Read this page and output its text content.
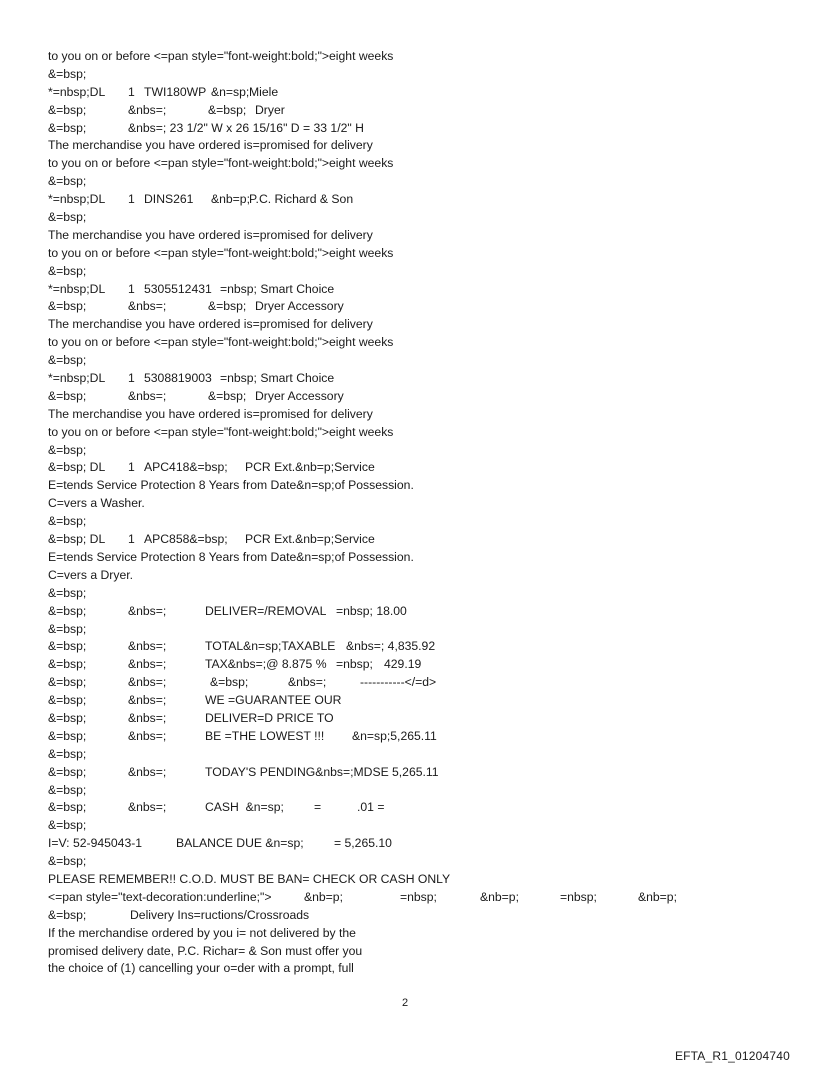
to you on or before <=pan style="font-weight:bold;">eight weeks
&=bsp;
*=nbsp;DL 1 TWI180WP &n=sp; Miele
&=bsp;	&nbs=;	&=bsp; Dryer
&=bsp;	&nbs=; 23 1/2" W x 26 15/16" D = 33 1/2" H
The merchandise you have ordered is=promised for delivery
to you on or before <=pan style="font-weight:bold;">eight weeks
&=bsp;
*=nbsp;DL 1 DINS261 &nb=p; P.C. Richard & Son
&=bsp;
The merchandise you have ordered is=promised for delivery
to you on or before <=pan style="font-weight:bold;">eight weeks
&=bsp;
*=nbsp;DL 1 5305512431 =nbsp; Smart Choice
&=bsp;	&nbs=;	&=bsp; Dryer Accessory
The merchandise you have ordered is=promised for delivery
to you on or before <=pan style="font-weight:bold;">eight weeks
&=bsp;
*=nbsp;DL 1 5308819003 =nbsp; Smart Choice
&=bsp;	&nbs=;	&=bsp; Dryer Accessory
The merchandise you have ordered is=promised for delivery
to you on or before <=pan style="font-weight:bold;">eight weeks
&=bsp;
&=bsp; DL 1 APC418&=bsp; PCR Ext.&nb=p;Service
E=tends Service Protection 8 Years from Date&n=sp;of Possession.
C=vers a Washer.
&=bsp;
&=bsp; DL 1 APC858&=bsp; PCR Ext.&nb=p;Service
E=tends Service Protection 8 Years from Date&n=sp;of Possession.
C=vers a Dryer.
&=bsp;
&=bsp;	&nbs=;	DELIVER=/REMOVAL =nbsp; 18.00
&=bsp;
&=bsp;	&nbs=;	TOTAL&n=sp;TAXABLE &nbs=; 4,835.92
&=bsp;	&nbs=;	TAX&nbs=;@ 8.875 % =nbsp; 429.19
&=bsp;	&nbs=;	&=bsp;	&nbs=;	-----------</=d>
&=bsp;	&nbs=;	WE =GUARANTEE OUR
&=bsp;	&nbs=;	DELIVER=D PRICE TO
&=bsp;	&nbs=;	BE =THE LOWEST !!! &n=sp;5,265.11
&=bsp;
&=bsp;	&nbs=;	TODAY'S PENDING&nbs=;MDSE 5,265.11
&=bsp;
&=bsp;	&nbs=;	CASH  &n=sp; =	.01 =
&=bsp;
I=V: 52-945043-1	BALANCE DUE &n=sp; = 5,265.10
&=bsp;
PLEASE REMEMBER!! C.O.D. MUST BE BAN= CHECK OR CASH ONLY
<=pan style="text-decoration:underline;">	&nb=p;	=nbsp;	&nb=p;	=nbsp;	&nb=p;
&=bsp;	Delivery Ins=ructions/Crossroads
If the merchandise ordered by you i= not delivered by the
promised delivery date, P.C. Richar= & Son must offer you
the choice of (1) cancelling your o=der with a prompt, full
2
EFTA_R1_01204740
